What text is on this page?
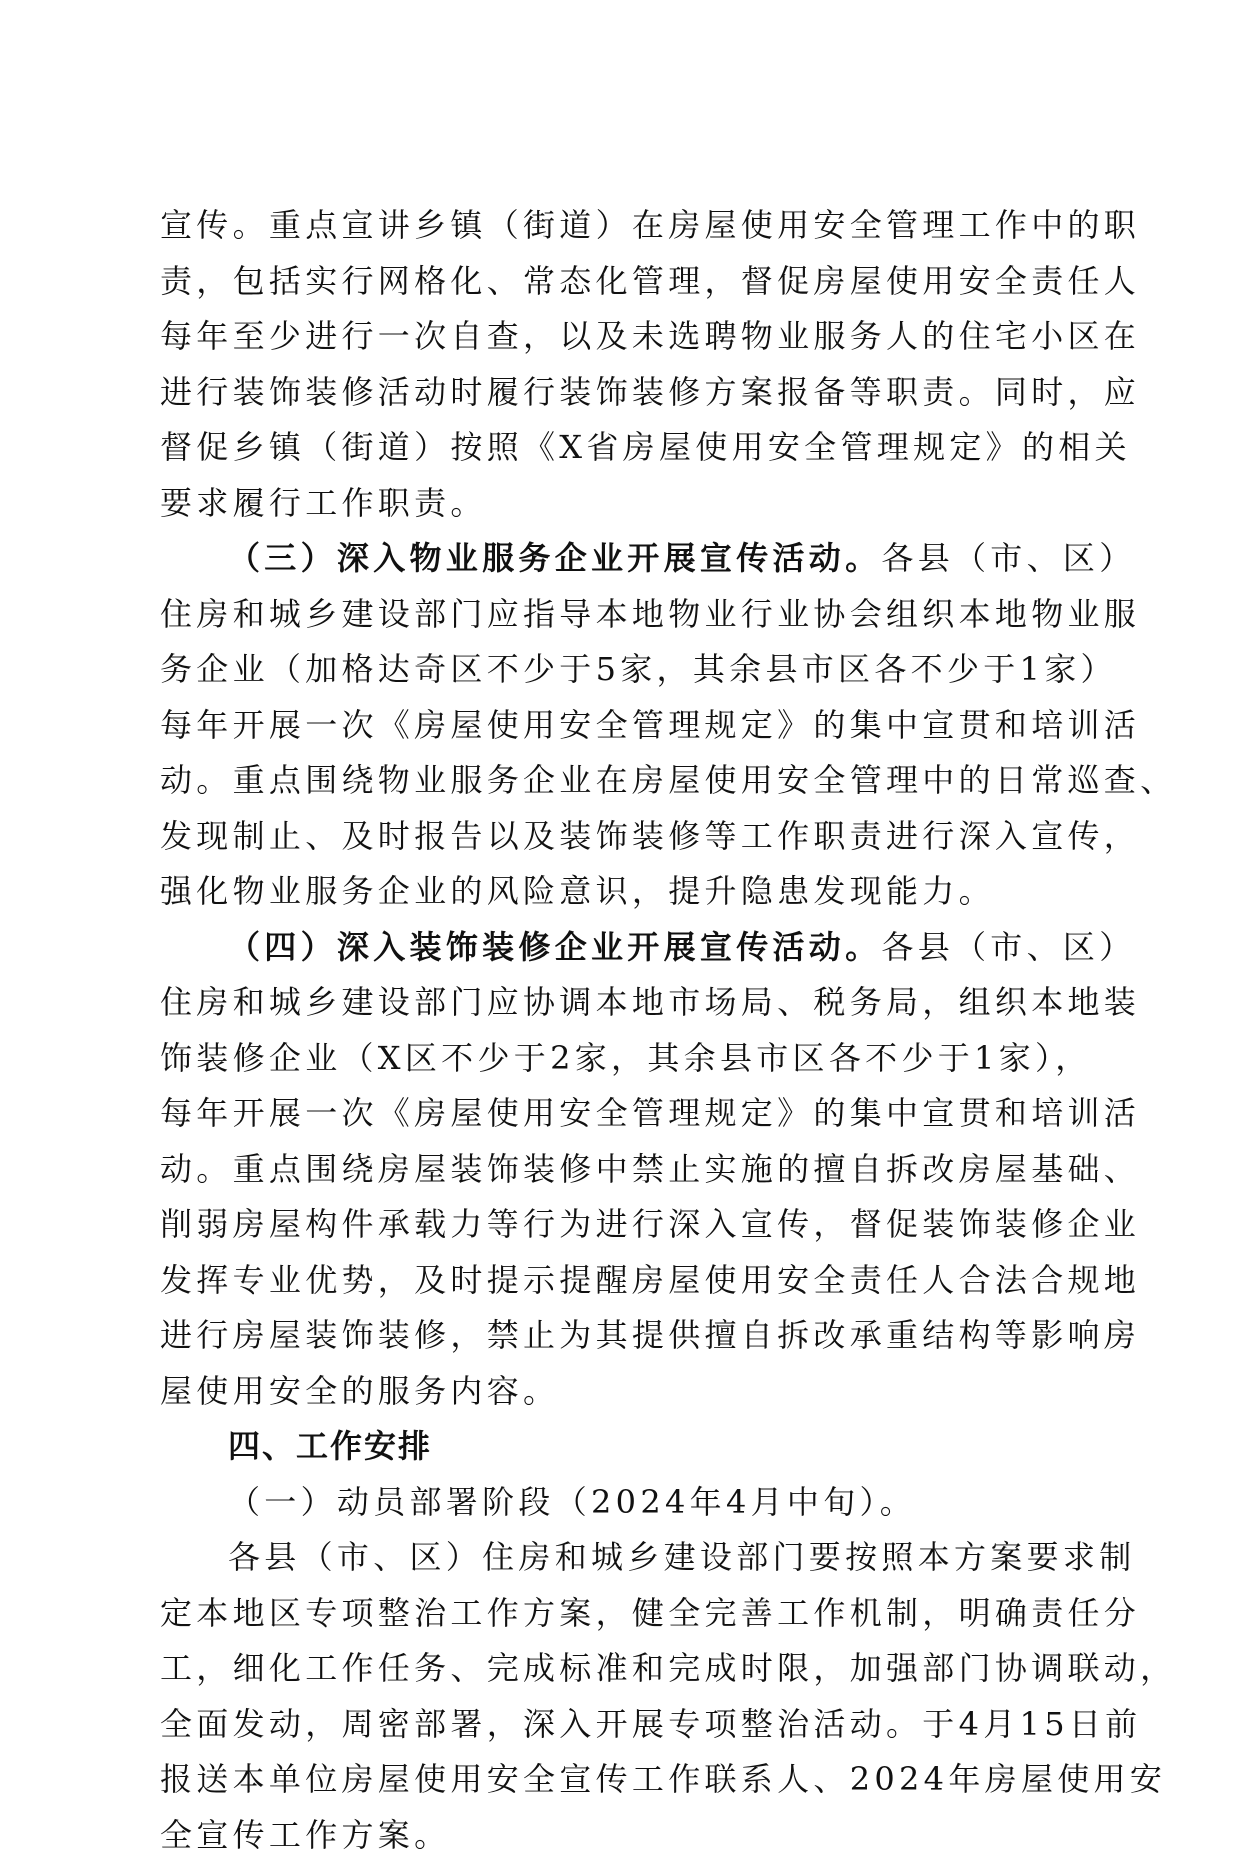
宣传。重点宣讲乡镇（街道）在房屋使用安全管理工作中的职
责，包括实行网格化、常态化管理，督促房屋使用安全责任人
每年至少进行一次自查，以及未选聘物业服务人的住宅小区在
进行装饰装修活动时履行装饰装修方案报备等职责。同时，应
督促乡镇（街道）按照《X省房屋使用安全管理规定》的相关
要求履行工作职责。
（三）深入物业服务企业开展宣传活动。各县（市、区）
住房和城乡建设部门应指导本地物业行业协会组织本地物业服
务企业（加格达奇区不少于5家，其余县市区各不少于1家）
每年开展一次《房屋使用安全管理规定》的集中宣贯和培训活
动。重点围绕物业服务企业在房屋使用安全管理中的日常巡查、
发现制止、及时报告以及装饰装修等工作职责进行深入宣传，
强化物业服务企业的风险意识，提升隐患发现能力。
（四）深入装饰装修企业开展宣传活动。各县（市、区）
住房和城乡建设部门应协调本地市场局、税务局，组织本地装
饰装修企业（X区不少于2家，其余县市区各不少于1家），
每年开展一次《房屋使用安全管理规定》的集中宣贯和培训活
动。重点围绕房屋装饰装修中禁止实施的擅自拆改房屋基础、
削弱房屋构件承载力等行为进行深入宣传，督促装饰装修企业
发挥专业优势，及时提示提醒房屋使用安全责任人合法合规地
进行房屋装饰装修，禁止为其提供擅自拆改承重结构等影响房
屋使用安全的服务内容。
四、工作安排
（一）动员部署阶段（2024年4月中旬）。
各县（市、区）住房和城乡建设部门要按照本方案要求制
定本地区专项整治工作方案，健全完善工作机制，明确责任分
工，细化工作任务、完成标准和完成时限，加强部门协调联动，
全面发动，周密部署，深入开展专项整治活动。于4月15日前
报送本单位房屋使用安全宣传工作联系人、2024年房屋使用安
全宣传工作方案。
